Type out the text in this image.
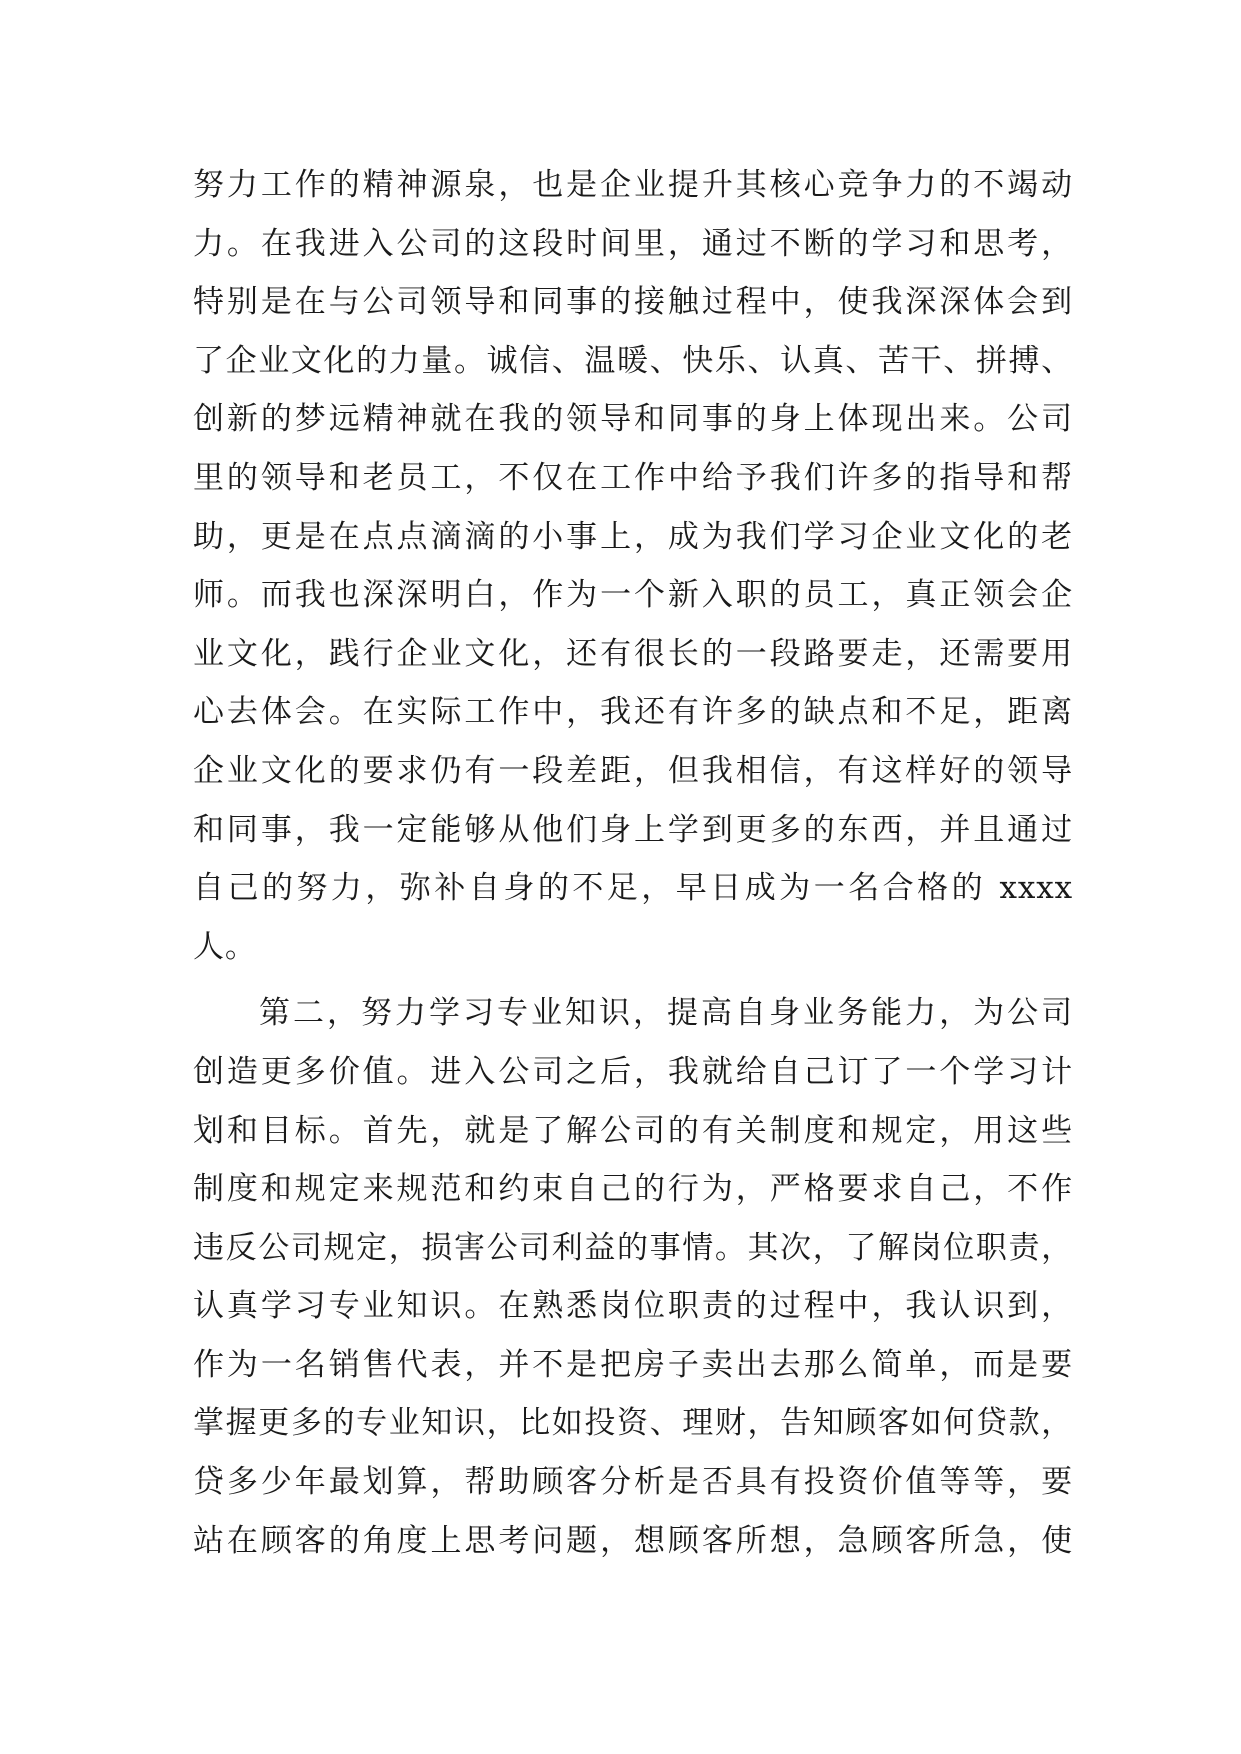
努力工作的精神源泉，也是企业提升其核心竞争力的不竭动
力。在我进入公司的这段时间里，通过不断的学习和思考，
特别是在与公司领导和同事的接触过程中，使我深深体会到
了企业文化的力量。诚信、温暖、快乐、认真、苦干、拼搏、
创新的梦远精神就在我的领导和同事的身上体现出来。公司
里的领导和老员工，不仅在工作中给予我们许多的指导和帮
助，更是在点点滴滴的小事上，成为我们学习企业文化的老
师。而我也深深明白，作为一个新入职的员工，真正领会企
业文化，践行企业文化，还有很长的一段路要走，还需要用
心去体会。在实际工作中，我还有许多的缺点和不足，距离
企业文化的要求仍有一段差距，但我相信，有这样好的领导
和同事，我一定能够从他们身上学到更多的东西，并且通过
自己的努力，弥补自身的不足，早日成为一名合格的 xxxx
人。
第二，努力学习专业知识，提高自身业务能力，为公司
创造更多价值。进入公司之后，我就给自己订了一个学习计
划和目标。首先，就是了解公司的有关制度和规定，用这些
制度和规定来规范和约束自己的行为，严格要求自己，不作
违反公司规定，损害公司利益的事情。其次，了解岗位职责，
认真学习专业知识。在熟悉岗位职责的过程中，我认识到，
作为一名销售代表，并不是把房子卖出去那么简单，而是要
掌握更多的专业知识，比如投资、理财，告知顾客如何贷款，
贷多少年最划算，帮助顾客分析是否具有投资价值等等，要
站在顾客的角度上思考问题，想顾客所想，急顾客所急，使
